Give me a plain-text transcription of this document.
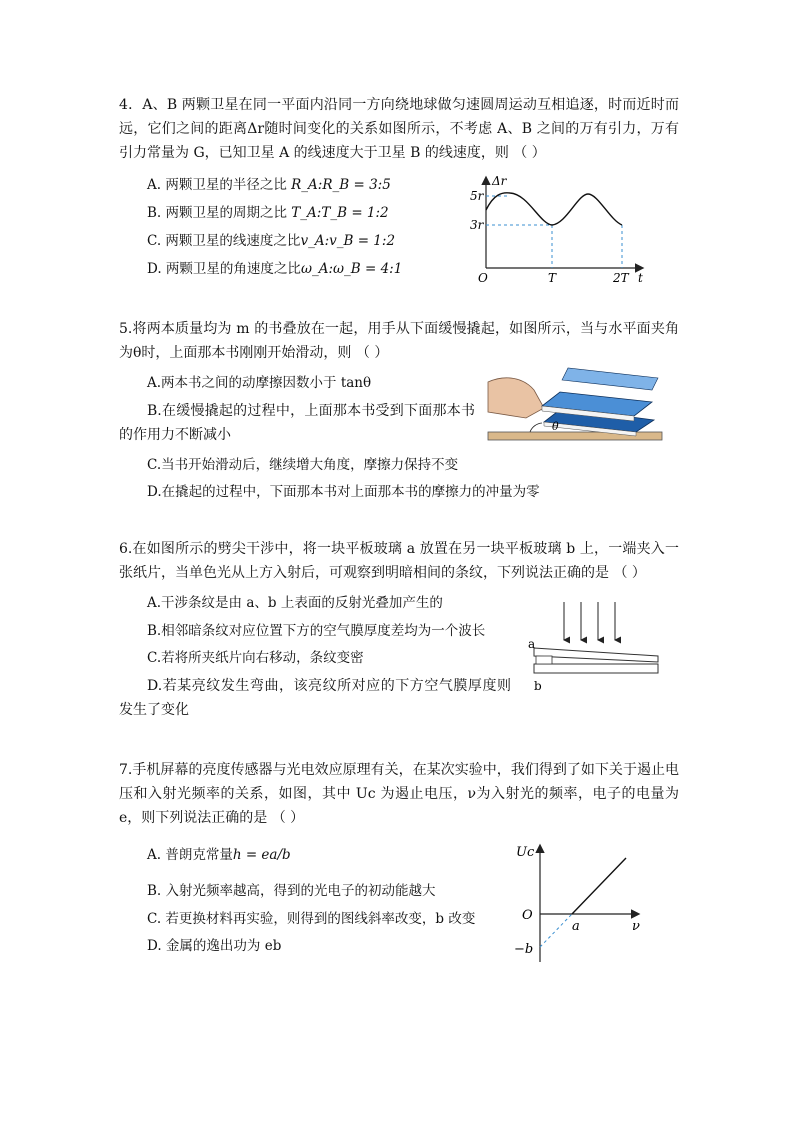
4．A、B 两颗卫星在同一平面内沿同一方向绕地球做匀速圆周运动互相追逐，时而近时而远，它们之间的距离Δr随时间变化的关系如图所示，不考虑 A、B 之间的万有引力，万有引力常量为 G，已知卫星 A 的线速度大于卫星 B 的线速度，则 （ ）
A. 两颗卫星的半径之比 R_A:R_B = 3:5
B. 两颗卫星的周期之比 T_A:T_B = 1:2
C. 两颗卫星的线速度之比v_A:v_B = 1:2
D. 两颗卫星的角速度之比ω_A:ω_B = 4:1
Δr
5r
3r
O	T	2T t
5.将两本质量均为 m 的书叠放在一起，用手从下面缓慢撬起，如图所示，当与水平面夹角为θ时，上面那本书刚刚开始滑动，则 （ ）
A.两本书之间的动摩擦因数小于 tanθ
B.在缓慢撬起的过程中，上面那本书受到下面那本书的作用力不断减小
C.当书开始滑动后，继续增大角度，摩擦力保持不变
D.在撬起的过程中，下面那本书对上面那本书的摩擦力的冲量为零
θ
6.在如图所示的劈尖干涉中，将一块平板玻璃 a 放置在另一块平板玻璃 b 上，一端夹入一张纸片，当单色光从上方入射后，可观察到明暗相间的条纹，下列说法正确的是 （ ）
A.干涉条纹是由 a、b 上表面的反射光叠加产生的
B.相邻暗条纹对应位置下方的空气膜厚度差均为一个波长
C.若将所夹纸片向右移动，条纹变密
D.若某亮纹发生弯曲，该亮纹所对应的下方空气膜厚度则发生了变化
a
b
7.手机屏幕的亮度传感器与光电效应原理有关，在某次实验中，我们得到了如下关于遏止电压和入射光频率的关系，如图，其中 Uc 为遏止电压，ν为入射光的频率，电子的电量为 e，则下列说法正确的是 （ ）
A. 普朗克常量h = ea/b
B. 入射光频率越高，得到的光电子的初动能越大
C. 若更换材料再实验，则得到的图线斜率改变，b 改变
D. 金属的逸出功为 eb
Uc
O
a
−b
ν
